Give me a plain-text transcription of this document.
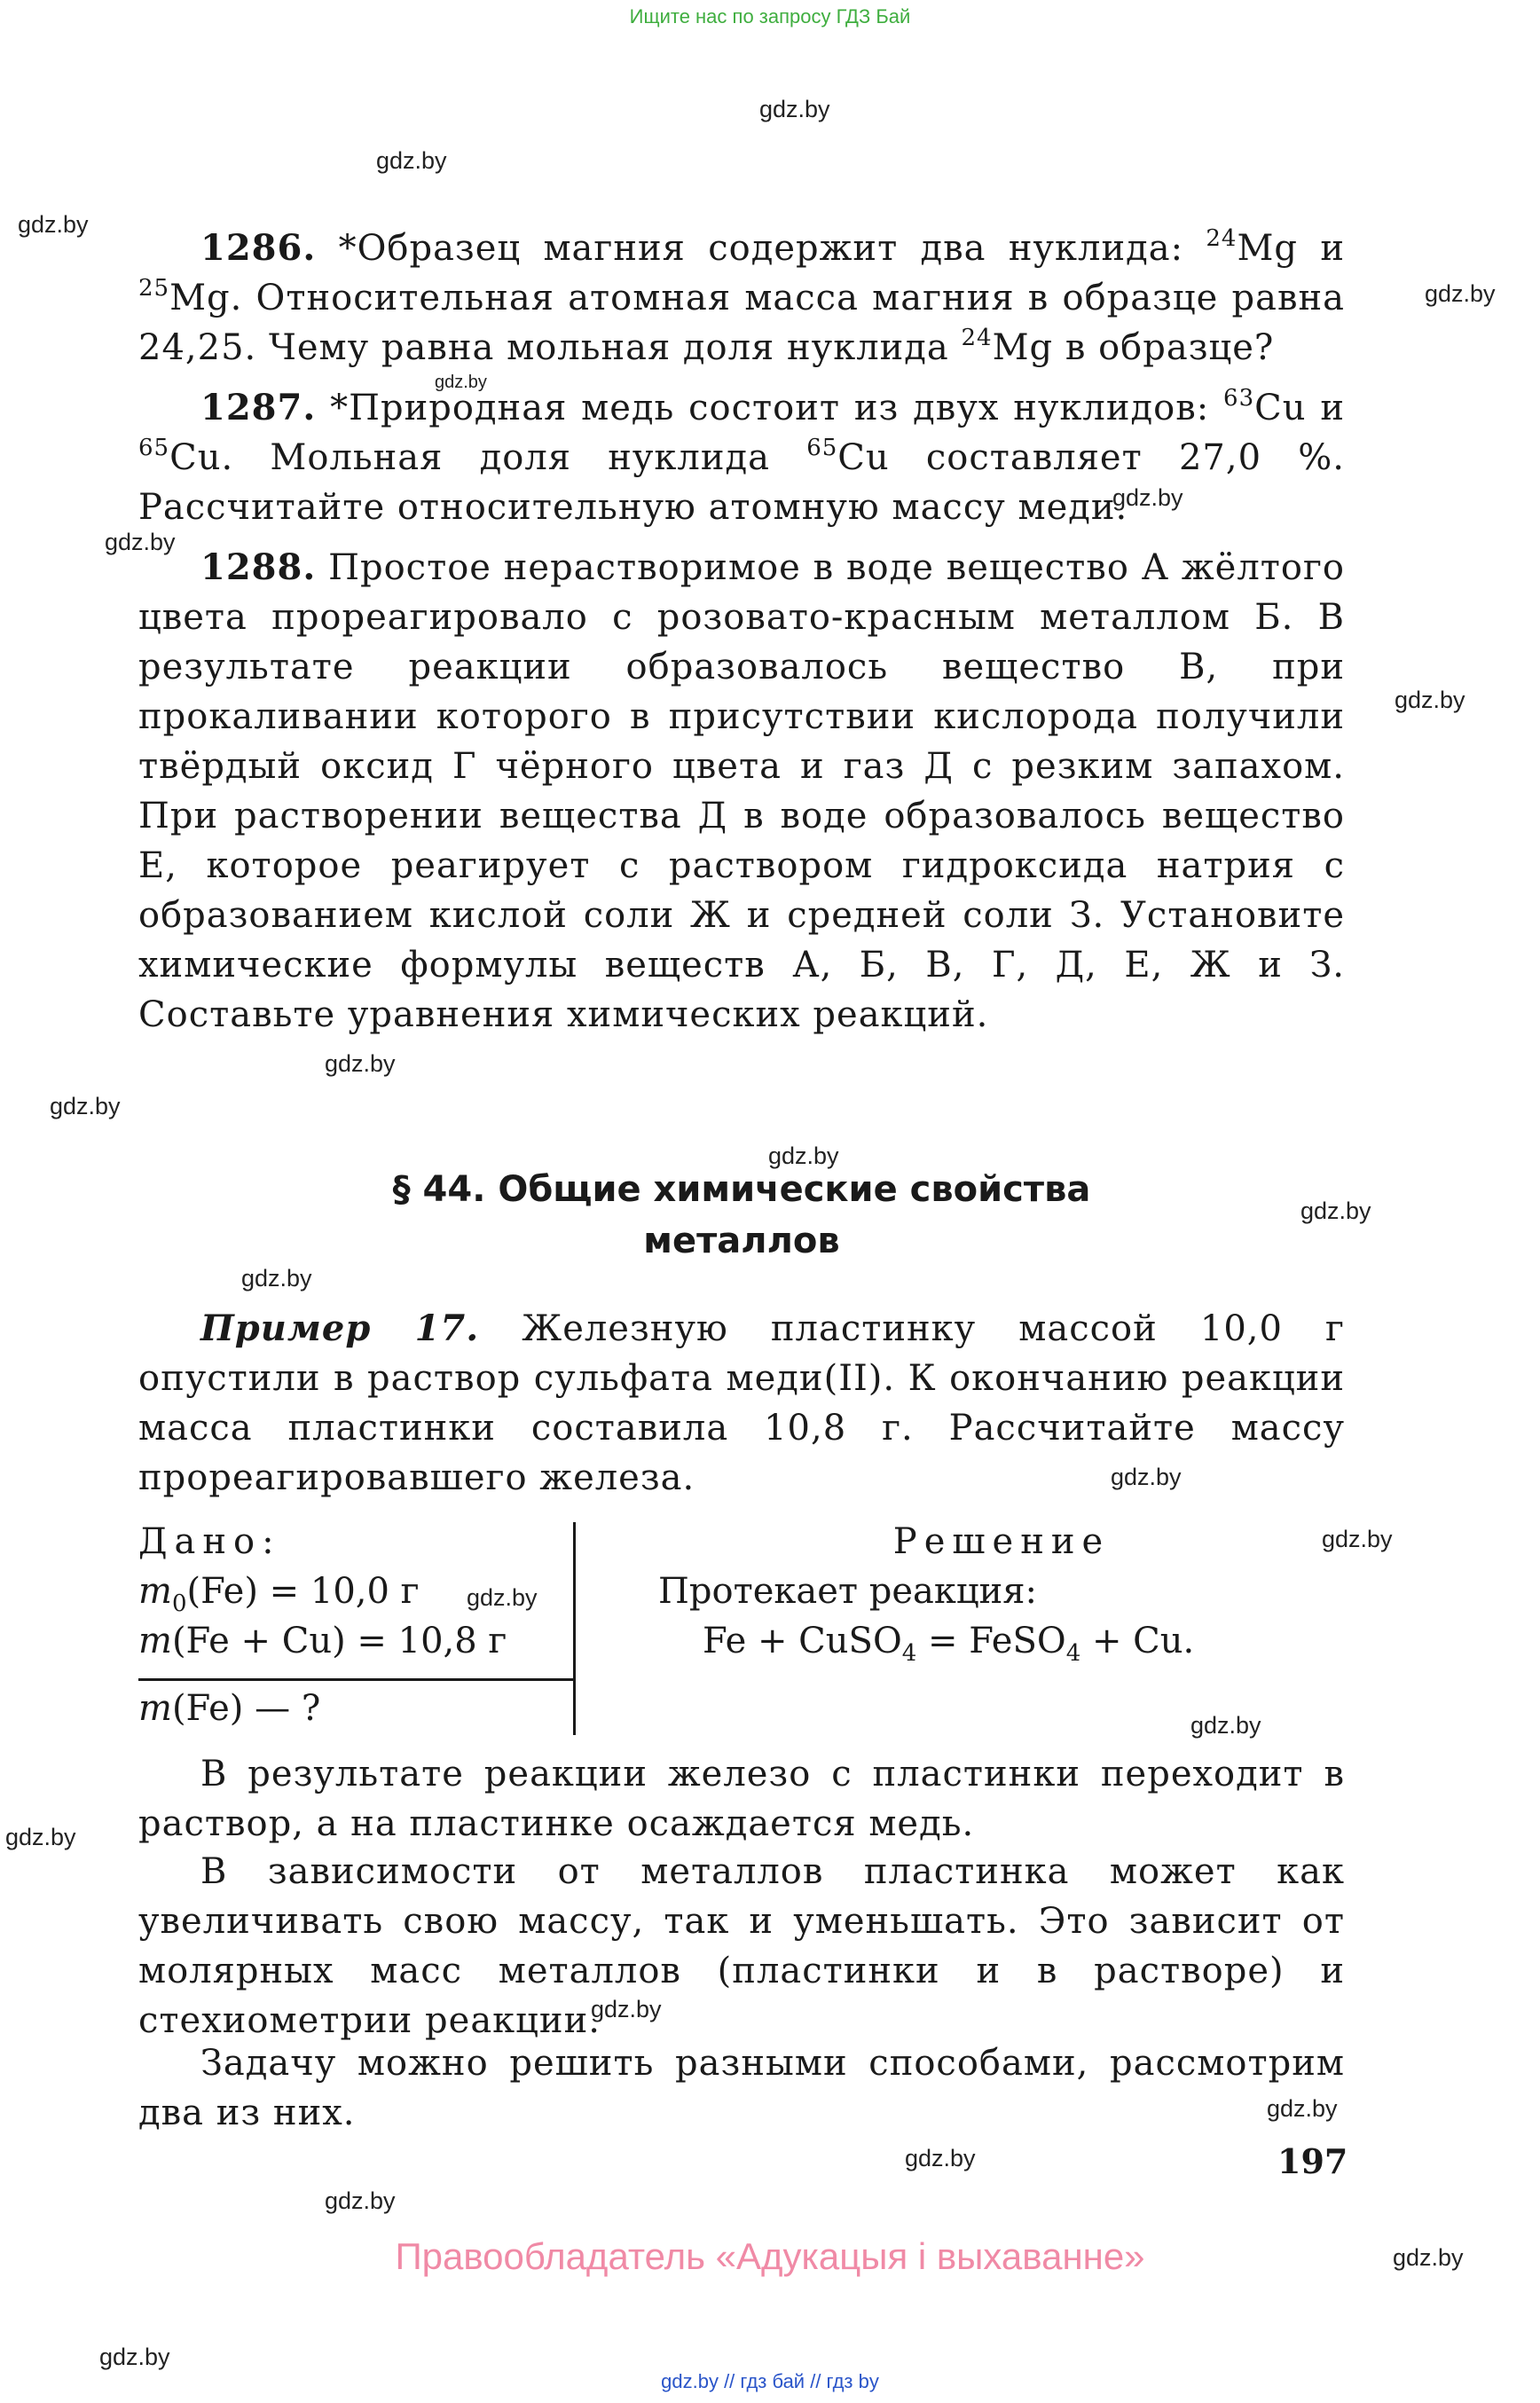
Ищите нас по запросу ГДЗ Бай
gdz.by
gdz.by
gdz.by
gdz.by
gdz.by
gdz.by
gdz.by
gdz.by
gdz.by
gdz.by
gdz.by
gdz.by
gdz.by
gdz.by
gdz.by
gdz.by
gdz.by
gdz.by
gdz.by
gdz.by
gdz.by
gdz.by
gdz.by
gdz.by
1286. *Образец магния содержит два нуклида: $^{24}$Mg и $^{25}$Mg. Относительная атомная масса магния в образце равна 24,25. Чему равна мольная доля нуклида $^{24}$Mg в образце?
1287. *Природная медь состоит из двух нуклидов: $^{63}$Cu и $^{65}$Cu. Мольная доля нуклида $^{65}$Cu составляет 27,0 %. Рассчитайте относительную атомную массу меди.
1288. Простое нерастворимое в воде вещество А жёлтого цвета прореагировало с розовато-красным металлом Б. В результате реакции образовалось вещество В, при прокаливании которого в присутствии кислорода получили твёрдый оксид Г чёрного цвета и газ Д с резким запахом. При растворении вещества Д в воде образовалось вещество Е, которое реагирует с раствором гидроксида натрия с образованием кислой соли Ж и средней соли З. Установите химические формулы веществ А, Б, В, Г, Д, Е, Ж и З. Составьте уравнения химических реакций.
§ 44. Общие химические свойства
металлов
Пример 17. Железную пластинку массой 10,0 г опустили в раствор сульфата меди(II). К окончанию реакции масса пластинки составила 10,8 г. Рассчитайте массу прореагировавшего железа.
Дано:
$m_0(Fe) = 10,0$ г
m(Fe + Cu) = 10,8 г
m(Fe) — ?
Решение
Протекает реакция:
Fe + CuSO$_4$ = FeSO$_4$ + Cu.
В результате реакции железо с пластинки переходит в раствор, а на пластинке осаждается медь.
В зависимости от металлов пластинка может как увеличивать свою массу, так и уменьшать. Это зависит от молярных масс металлов (пластинки и в растворе) и стехиометрии реакции.
Задачу можно решить разными способами, рассмотрим два из них.
197
Правообладатель «Адукацыя і выхаванне»
gdz.by // гдз бай // гдз by
